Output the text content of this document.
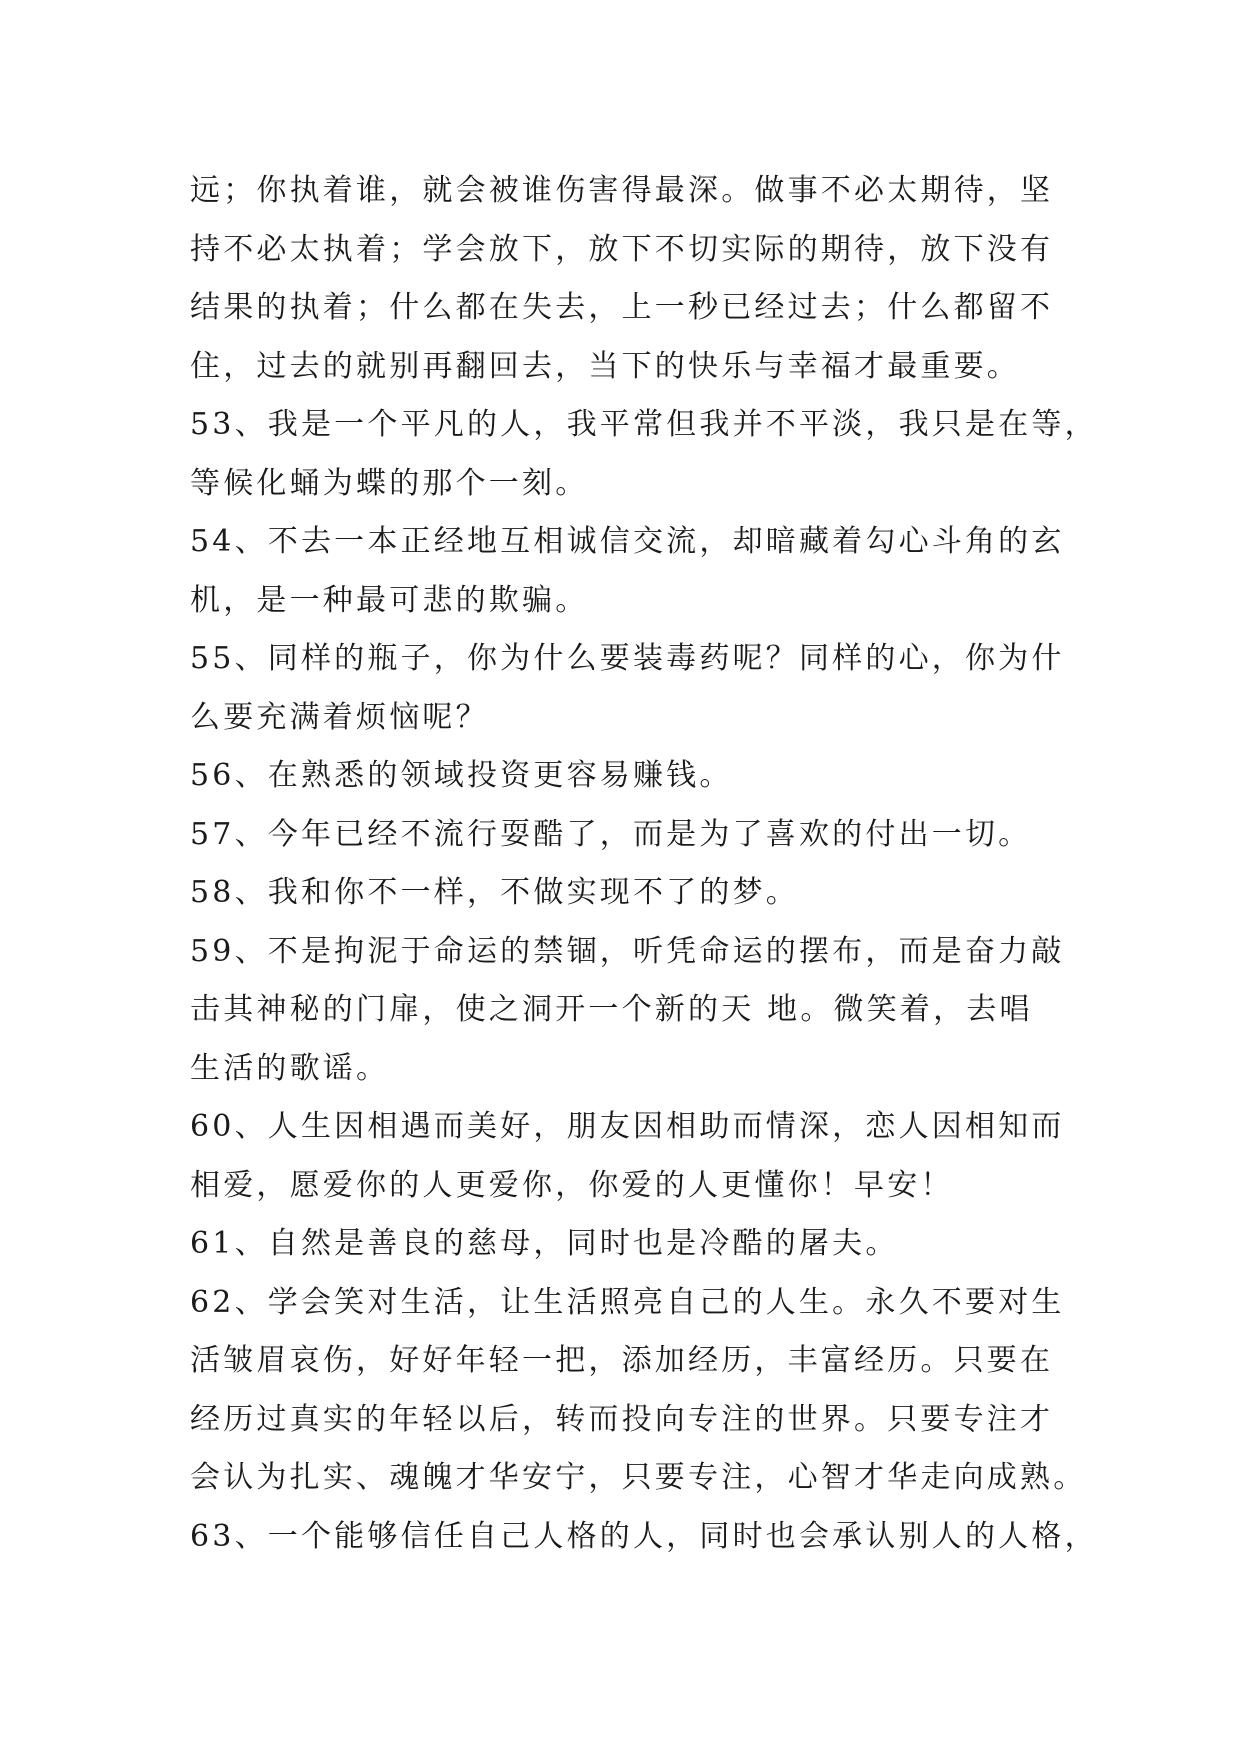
远；你执着谁，就会被谁伤害得最深。做事不必太期待，坚
持不必太执着；学会放下，放下不切实际的期待，放下没有
结果的执着；什么都在失去，上一秒已经过去；什么都留不
住，过去的就别再翻回去，当下的快乐与幸福才最重要。
53、我是一个平凡的人，我平常但我并不平淡，我只是在等，
等候化蛹为蝶的那个一刻。
54、不去一本正经地互相诚信交流，却暗藏着勾心斗角的玄
机，是一种最可悲的欺骗。
55、同样的瓶子，你为什么要装毒药呢？同样的心，你为什
么要充满着烦恼呢？
56、在熟悉的领域投资更容易赚钱。
57、今年已经不流行耍酷了，而是为了喜欢的付出一切。
58、我和你不一样，不做实现不了的梦。
59、不是拘泥于命运的禁锢，听凭命运的摆布，而是奋力敲
击其神秘的门扉，使之洞开一个新的天 地。微笑着，去唱
生活的歌谣。
60、人生因相遇而美好，朋友因相助而情深，恋人因相知而
相爱，愿爱你的人更爱你，你爱的人更懂你！早安！
61、自然是善良的慈母，同时也是冷酷的屠夫。
62、学会笑对生活，让生活照亮自己的人生。永久不要对生
活皱眉哀伤，好好年轻一把，添加经历，丰富经历。只要在
经历过真实的年轻以后，转而投向专注的世界。只要专注才
会认为扎实、魂魄才华安宁，只要专注，心智才华走向成熟。
63、一个能够信任自己人格的人，同时也会承认别人的人格，
